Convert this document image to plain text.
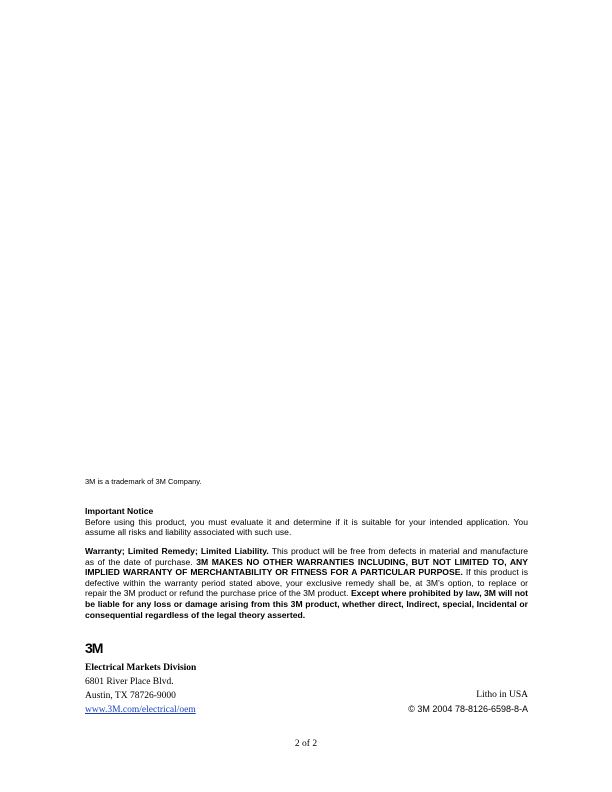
3M is a trademark of 3M Company.
Important Notice
Before using this product, you must evaluate it and determine if it is suitable for your intended application. You assume all risks and liability associated with such use.
Warranty; Limited Remedy; Limited Liability. This product will be free from defects in material and manufacture as of the date of purchase. 3M MAKES NO OTHER WARRANTIES INCLUDING, BUT NOT LIMITED TO, ANY IMPLIED WARRANTY OF MERCHANTABILITY OR FITNESS FOR A PARTICULAR PURPOSE. If this product is defective within the warranty period stated above, your exclusive remedy shall be, at 3M's option, to replace or repair the 3M product or refund the purchase price of the 3M product. Except where prohibited by law, 3M will not be liable for any loss or damage arising from this 3M product, whether direct, Indirect, special, Incidental or consequential regardless of the legal theory asserted.
3M
Electrical Markets Division
6801 River Place Blvd.
Austin, TX 78726-9000
www.3M.com/electrical/oem
Litho in USA
© 3M 2004 78-8126-6598-8-A
2 of 2
